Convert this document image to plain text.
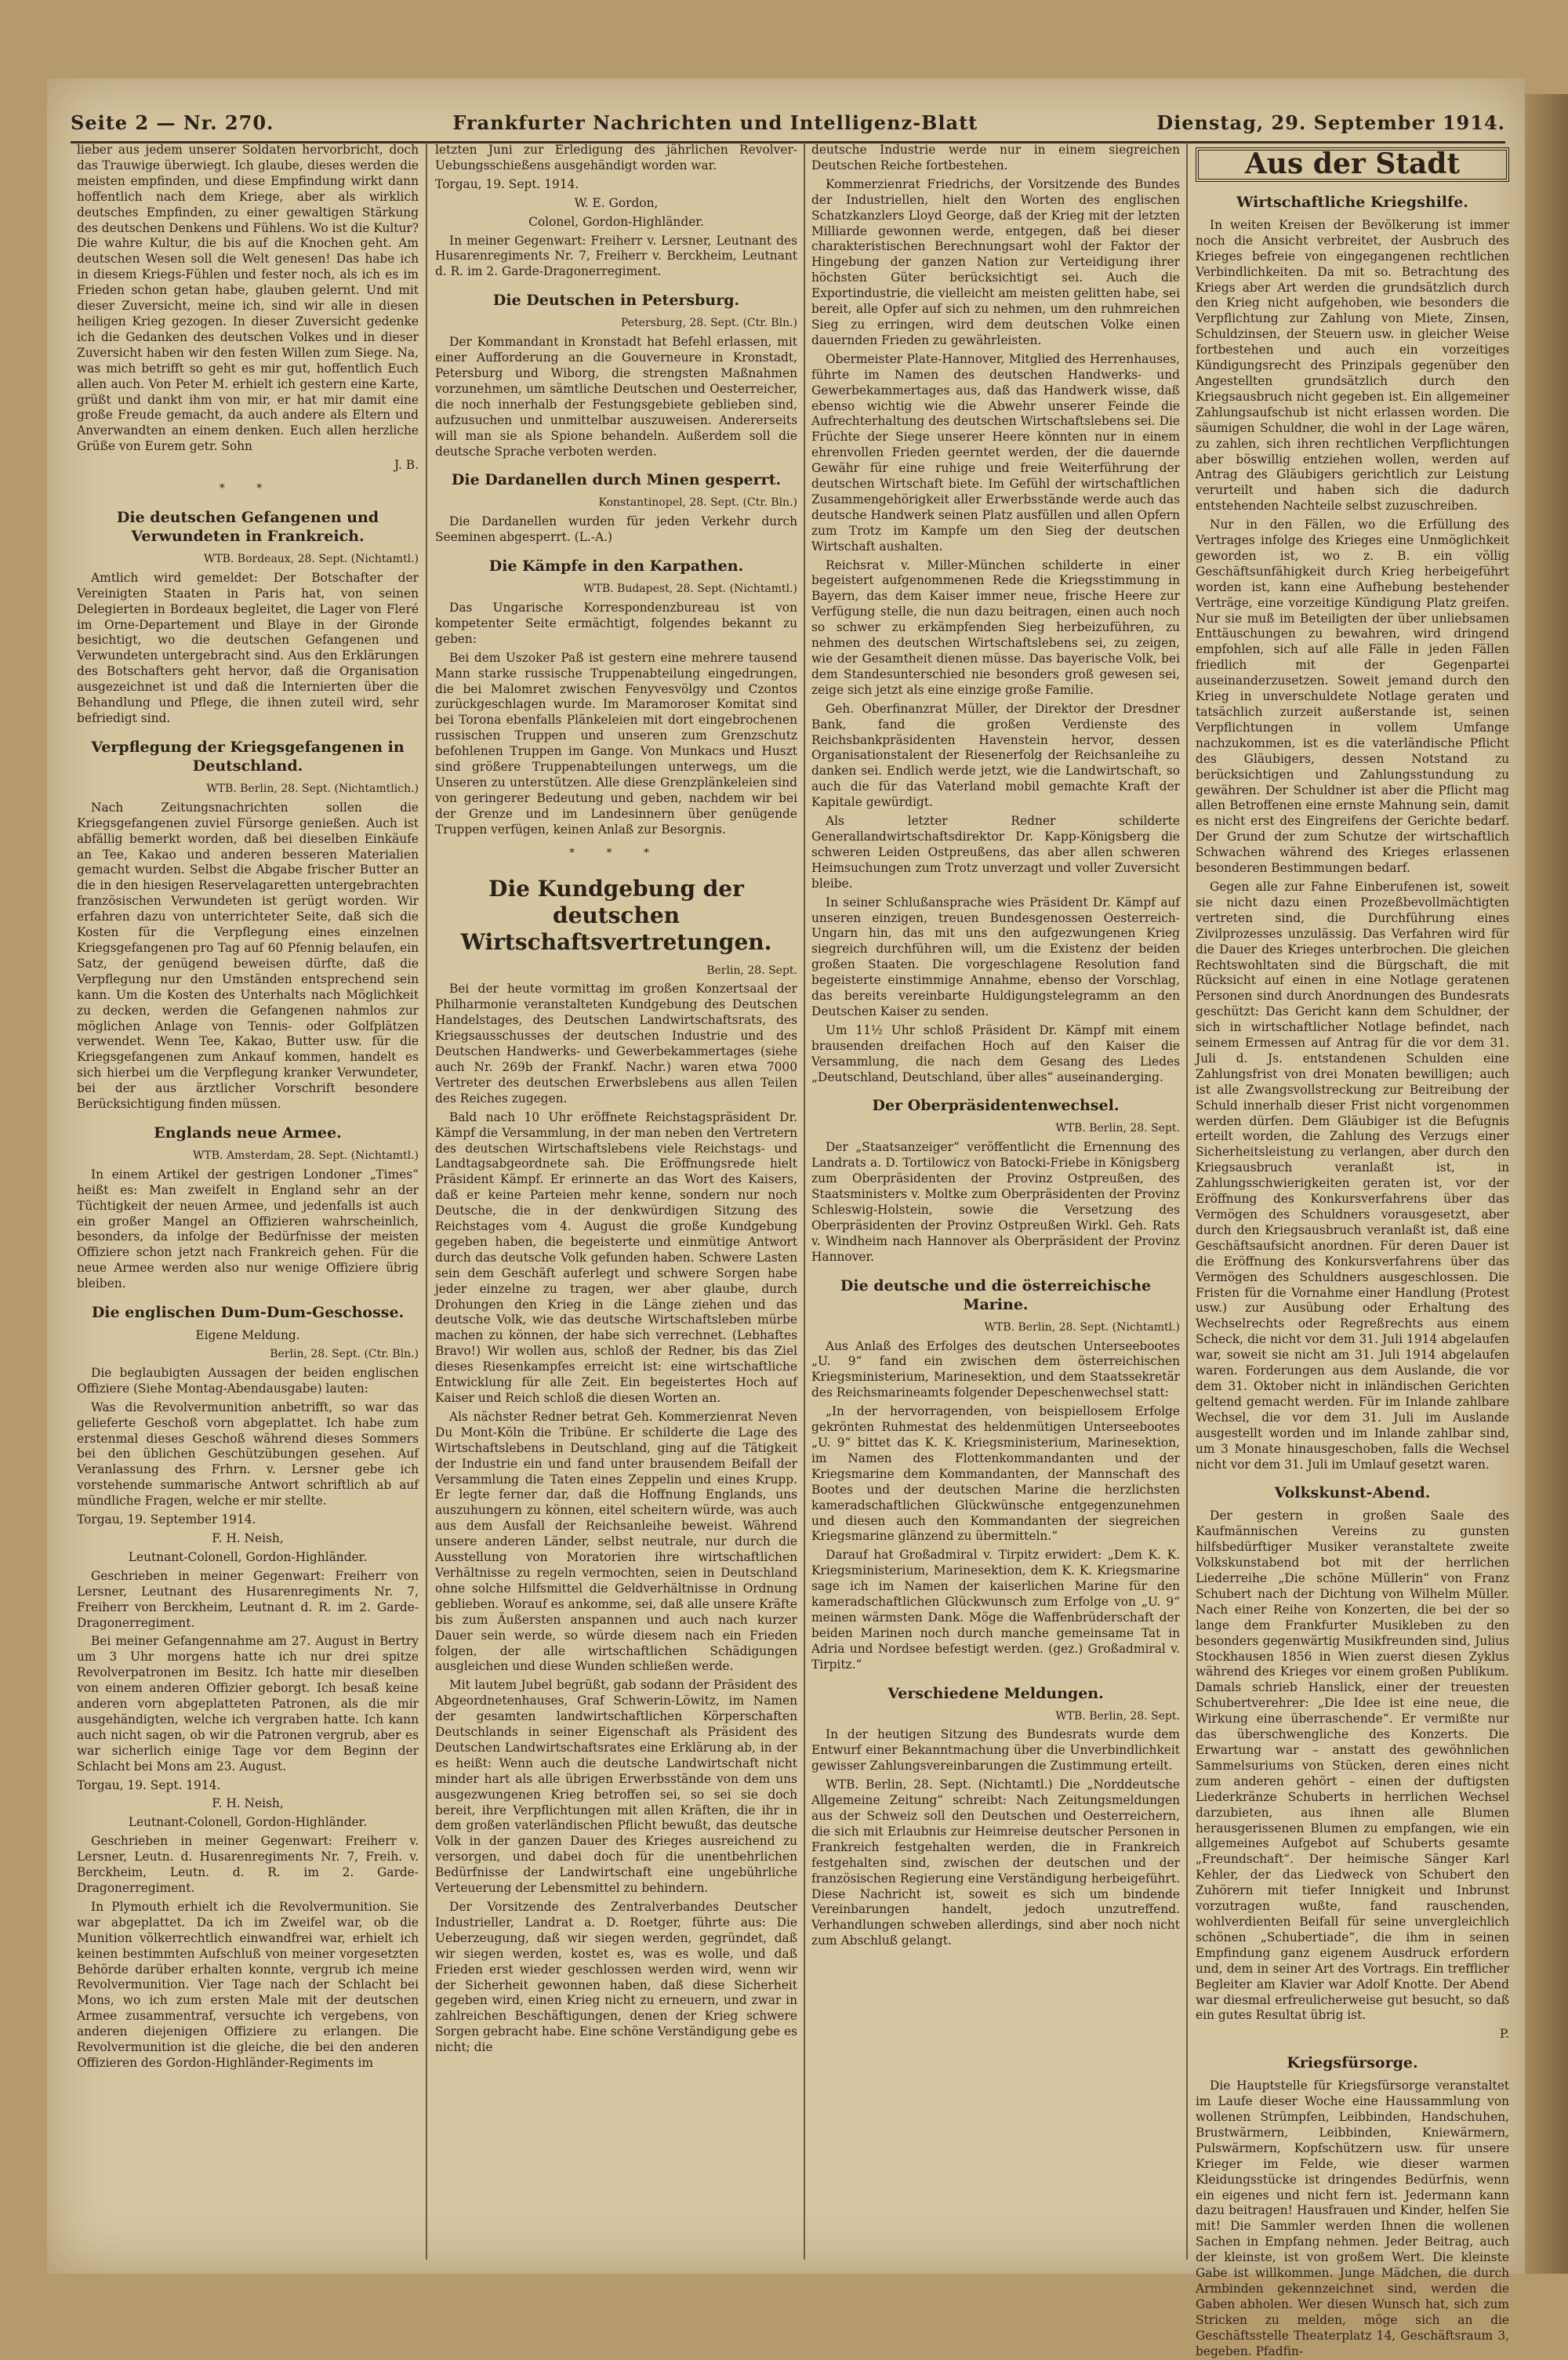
Seite 2 — Nr. 270.	Frankfurter Nachrichten und Intelligenz-Blatt	Dienstag, 29. September 1914.

lieber aus jedem unserer Soldaten hervorbricht, doch das Trauwige überwiegt. Ich glaube, dieses werden die meisten empfinden, und diese Empfindung wirkt dann hoffentlich nach dem Kriege, aber als wirklich deutsches Empfinden, zu einer gewaltigen Stärkung des deutschen Denkens und Fühlens. Wo ist die Kultur? Die wahre Kultur, die bis auf die Knochen geht. Am deutschen Wesen soll die Welt genesen! Das habe ich in diesem Kriegs-Fühlen und fester noch, als ich es im Frieden schon getan habe, glauben gelernt. Und mit dieser Zuversicht, meine ich, sind wir alle in diesen heiligen Krieg gezogen. In dieser Zuversicht gedenke ich die Gedanken des deutschen Volkes und in dieser Zuversicht haben wir den festen Willen zum Siege. Na, was mich betrifft so geht es mir gut, hoffentlich Euch allen auch. Von Peter M. erhielt ich gestern eine Karte, grüßt und dankt ihm von mir, er hat mir damit eine große Freude gemacht, da auch andere als Eltern und Anverwandten an einem denken. Euch allen herzliche Grüße von Eurem getr. Sohn

J. B.

* *
Die deutschen Gefangenen und Verwundeten in Frankreich.

WTB. Bordeaux, 28. Sept. (Nichtamtl.)

Amtlich wird gemeldet: Der Botschafter der Vereinigten Staaten in Paris hat, von seinen Delegierten in Bordeaux begleitet, die Lager von Fleré im Orne-Departement und Blaye in der Gironde besichtigt, wo die deutschen Gefangenen und Verwundeten untergebracht sind. Aus den Erklärungen des Botschafters geht hervor, daß die Organisation ausgezeichnet ist und daß die Internierten über die Behandlung und Pflege, die ihnen zuteil wird, sehr befriedigt sind.

Verpflegung der Kriegsgefangenen in Deutschland.

WTB. Berlin, 28. Sept. (Nichtamtlich.)

Nach Zeitungsnachrichten sollen die Kriegsgefangenen zuviel Fürsorge genießen. Auch ist abfällig bemerkt worden, daß bei dieselben Einkäufe an Tee, Kakao und anderen besseren Materialien gemacht wurden. Selbst die Abgabe frischer Butter an die in den hiesigen Reservelagaretten untergebrachten französischen Verwundeten ist gerügt worden. Wir erfahren dazu von unterrichteter Seite, daß sich die Kosten für die Verpflegung eines einzelnen Kriegsgefangenen pro Tag auf 60 Pfennig belaufen, ein Satz, der genügend beweisen dürfte, daß die Verpflegung nur den Umständen entsprechend sein kann. Um die Kosten des Unterhalts nach Möglichkeit zu decken, werden die Gefangenen nahmlos zur möglichen Anlage von Tennis- oder Golfplätzen verwendet. Wenn Tee, Kakao, Butter usw. für die Kriegsgefangenen zum Ankauf kommen, handelt es sich hierbei um die Verpflegung kranker Verwundeter, bei der aus ärztlicher Vorschrift besondere Berücksichtigung finden müssen.

Englands neue Armee.

WTB. Amsterdam, 28. Sept. (Nichtamtl.)

In einem Artikel der gestrigen Londoner „Times“ heißt es: Man zweifelt in England sehr an der Tüchtigkeit der neuen Armee, und jedenfalls ist auch ein großer Mangel an Offizieren wahrscheinlich, besonders, da infolge der Bedürfnisse der meisten Offiziere schon jetzt nach Frankreich gehen. Für die neue Armee werden also nur wenige Offiziere übrig bleiben.

Die englischen Dum-Dum-Geschosse.

Eigene Meldung.

Berlin, 28. Sept. (Ctr. Bln.)

Die beglaubigten Aussagen der beiden englischen Offiziere (Siehe Montag-Abendausgabe) lauten:

Was die Revolvermunition anbetrifft, so war das gelieferte Geschoß vorn abgeplattet. Ich habe zum erstenmal dieses Geschoß während dieses Sommers bei den üblichen Geschützübungen gesehen. Auf Veranlassung des Frhrn. v. Lersner gebe ich vorstehende summarische Antwort schriftlich ab auf mündliche Fragen, welche er mir stellte.

Torgau, 19. September 1914.

F. H. Neish,

Leutnant-Colonell, Gordon-Highländer.

Geschrieben in meiner Gegenwart: Freiherr von Lersner, Leutnant des Husarenregiments Nr. 7, Freiherr von Berckheim, Leutnant d. R. im 2. Garde-Dragonerregiment.

Bei meiner Gefangennahme am 27. August in Bertry um 3 Uhr morgens hatte ich nur drei spitze Revolverpatronen im Besitz. Ich hatte mir dieselben von einem anderen Offizier geborgt. Ich besaß keine anderen vorn abgeplatteten Patronen, als die mir ausgehändigten, welche ich vergraben hatte. Ich kann auch nicht sagen, ob wir die Patronen vergrub, aber es war sicherlich einige Tage vor dem Beginn der Schlacht bei Mons am 23. August.

Torgau, 19. Sept. 1914.

F. H. Neish,

Leutnant-Colonell, Gordon-Highländer.

Geschrieben in meiner Gegenwart: Freiherr v. Lersner, Leutn. d. Husarenregiments Nr. 7, Freih. v. Berckheim, Leutn. d. R. im 2. Garde-Dragonerregiment.

In Plymouth erhielt ich die Revolvermunition. Sie war abgeplattet. Da ich im Zweifel war, ob die Munition völkerrechtlich einwandfrei war, erhielt ich keinen bestimmten Aufschluß von meiner vorgesetzten Behörde darüber erhalten konnte, vergrub ich meine Revolvermunition. Vier Tage nach der Schlacht bei Mons, wo ich zum ersten Male mit der deutschen Armee zusammentraf, versuchte ich vergebens, von anderen diejenigen Offiziere zu erlangen. Die Revolvermunition ist die gleiche, die bei den anderen Offizieren des Gordon-Highländer-Regiments im

letzten Juni zur Erledigung des jährlichen Revolver-Uebungsschießens ausgehändigt worden war.

Torgau, 19. Sept. 1914.

W. E. Gordon,

Colonel, Gordon-Highländer.

In meiner Gegenwart: Freiherr v. Lersner, Leutnant des Husarenregiments Nr. 7, Freiherr v. Berckheim, Leutnant d. R. im 2. Garde-Dragonerregiment.

Die Deutschen in Petersburg.

Petersburg, 28. Sept. (Ctr. Bln.)

Der Kommandant in Kronstadt hat Befehl erlassen, mit einer Aufforderung an die Gouverneure in Kronstadt, Petersburg und Wiborg, die strengsten Maßnahmen vorzunehmen, um sämtliche Deutschen und Oesterreicher, die noch innerhalb der Festungsgebiete geblieben sind, aufzusuchen und unmittelbar auszuweisen. Andererseits will man sie als Spione behandeln. Außerdem soll die deutsche Sprache verboten werden.

Die Dardanellen durch Minen gesperrt.

Konstantinopel, 28. Sept. (Ctr. Bln.)

Die Dardanellen wurden für jeden Verkehr durch Seeminen abgesperrt. (L.-A.)

Die Kämpfe in den Karpathen.

WTB. Budapest, 28. Sept. (Nichtamtl.)

Das Ungarische Korrespondenzbureau ist von kompetenter Seite ermächtigt, folgendes bekannt zu geben:

Bei dem Uszoker Paß ist gestern eine mehrere tausend Mann starke russische Truppenabteilung eingedrungen, die bei Malomret zwischen Fenyvesvölgy und Czontos zurückgeschlagen wurde. Im Maramoroser Komitat sind bei Torona ebenfalls Plänkeleien mit dort eingebrochenen russischen Truppen und unseren zum Grenzschutz befohlenen Truppen im Gange. Von Munkacs und Huszt sind größere Truppenabteilungen unterwegs, um die Unseren zu unterstützen. Alle diese Grenzplänkeleien sind von geringerer Bedeutung und geben, nachdem wir bei der Grenze und im Landesinnern über genügende Truppen verfügen, keinen Anlaß zur Besorgnis.

* * *
Die Kundgebung der deutschen Wirtschaftsvertretungen.

Berlin, 28. Sept.

Bei der heute vormittag im großen Konzertsaal der Philharmonie veranstalteten Kundgebung des Deutschen Handelstages, des Deutschen Landwirtschaftsrats, des Kriegsausschusses der deutschen Industrie und des Deutschen Handwerks- und Gewerbekammertages (siehe auch Nr. 269b der Frankf. Nachr.) waren etwa 7000 Vertreter des deutschen Erwerbslebens aus allen Teilen des Reiches zugegen.

Bald nach 10 Uhr eröffnete Reichstagspräsident Dr. Kämpf die Versammlung, in der man neben den Vertretern des deutschen Wirtschaftslebens viele Reichstags- und Landtagsabgeordnete sah. Die Eröffnungsrede hielt Präsident Kämpf. Er erinnerte an das Wort des Kaisers, daß er keine Parteien mehr kenne, sondern nur noch Deutsche, die in der denkwürdigen Sitzung des Reichstages vom 4. August die große Kundgebung gegeben haben, die begeisterte und einmütige Antwort durch das deutsche Volk gefunden haben. Schwere Lasten sein dem Geschäft auferlegt und schwere Sorgen habe jeder einzelne zu tragen, wer aber glaube, durch Drohungen den Krieg in die Länge ziehen und das deutsche Volk, wie das deutsche Wirtschaftsleben mürbe machen zu können, der habe sich verrechnet. (Lebhaftes Bravo!) Wir wollen aus, schloß der Redner, bis das Ziel dieses Riesenkampfes erreicht ist: eine wirtschaftliche Entwicklung für alle Zeit. Ein begeistertes Hoch auf Kaiser und Reich schloß die diesen Worten an.

Als nächster Redner betrat Geh. Kommerzienrat Neven Du Mont-Köln die Tribüne. Er schilderte die Lage des Wirtschaftslebens in Deutschland, ging auf die Tätigkeit der Industrie ein und fand unter brausendem Beifall der Versammlung die Taten eines Zeppelin und eines Krupp. Er legte ferner dar, daß die Hoffnung Englands, uns auszuhungern zu können, eitel scheitern würde, was auch aus dem Ausfall der Reichsanleihe beweist. Während unsere anderen Länder, selbst neutrale, nur durch die Ausstellung von Moratorien ihre wirtschaftlichen Verhältnisse zu regeln vermochten, seien in Deutschland ohne solche Hilfsmittel die Geldverhältnisse in Ordnung geblieben. Worauf es ankomme, sei, daß alle unsere Kräfte bis zum Äußersten anspannen und auch nach kurzer Dauer sein werde, so würde diesem nach ein Frieden folgen, der alle wirtschaftlichen Schädigungen ausgleichen und diese Wunden schließen werde.

Mit lautem Jubel begrüßt, gab sodann der Präsident des Abgeordnetenhauses, Graf Schwerin-Löwitz, im Namen der gesamten landwirtschaftlichen Körperschaften Deutschlands in seiner Eigenschaft als Präsident des Deutschen Landwirtschaftsrates eine Erklärung ab, in der es heißt: Wenn auch die deutsche Landwirtschaft nicht minder hart als alle übrigen Erwerbsstände von dem uns ausgezwungenen Krieg betroffen sei, so sei sie doch bereit, ihre Verpflichtungen mit allen Kräften, die ihr in dem großen vaterländischen Pflicht bewußt, das deutsche Volk in der ganzen Dauer des Krieges ausreichend zu versorgen, und dabei doch für die unentbehrlichen Bedürfnisse der Landwirtschaft eine ungebührliche Verteuerung der Lebensmittel zu behindern.

Der Vorsitzende des Zentralverbandes Deutscher Industrieller, Landrat a. D. Roetger, führte aus: Die Ueberzeugung, daß wir siegen werden, gegründet, daß wir siegen werden, kostet es, was es wolle, und daß Frieden erst wieder geschlossen werden wird, wenn wir der Sicherheit gewonnen haben, daß diese Sicherheit gegeben wird, einen Krieg nicht zu erneuern, und zwar in zahlreichen Beschäftigungen, denen der Krieg schwere Sorgen gebracht habe. Eine schöne Verständigung gebe es nicht; die

deutsche Industrie werde nur in einem siegreichen Deutschen Reiche fortbestehen.

Kommerzienrat Friedrichs, der Vorsitzende des Bundes der Industriellen, hielt den Worten des englischen Schatzkanzlers Lloyd George, daß der Krieg mit der letzten Milliarde gewonnen werde, entgegen, daß bei dieser charakteristischen Berechnungsart wohl der Faktor der Hingebung der ganzen Nation zur Verteidigung ihrer höchsten Güter berücksichtigt sei. Auch die Exportindustrie, die vielleicht am meisten gelitten habe, sei bereit, alle Opfer auf sich zu nehmen, um den ruhmreichen Sieg zu erringen, wird dem deutschen Volke einen dauernden Frieden zu gewährleisten.

Obermeister Plate-Hannover, Mitglied des Herrenhauses, führte im Namen des deutschen Handwerks- und Gewerbekammertages aus, daß das Handwerk wisse, daß ebenso wichtig wie die Abwehr unserer Feinde die Aufrechterhaltung des deutschen Wirtschaftslebens sei. Die Früchte der Siege unserer Heere könnten nur in einem ehrenvollen Frieden geerntet werden, der die dauernde Gewähr für eine ruhige und freie Weiterführung der deutschen Wirtschaft biete. Im Gefühl der wirtschaftlichen Zusammengehörigkeit aller Erwerbsstände werde auch das deutsche Handwerk seinen Platz ausfüllen und allen Opfern zum Trotz im Kampfe um den Sieg der deutschen Wirtschaft aushalten.

Reichsrat v. Miller-München schilderte in einer begeistert aufgenommenen Rede die Kriegsstimmung in Bayern, das dem Kaiser immer neue, frische Heere zur Verfügung stelle, die nun dazu beitragen, einen auch noch so schwer zu erkämpfenden Sieg herbeizuführen, zu nehmen des deutschen Wirtschaftslebens sei, zu zeigen, wie der Gesamtheit dienen müsse. Das bayerische Volk, bei dem Standesunterschied nie besonders groß gewesen sei, zeige sich jetzt als eine einzige große Familie.

Geh. Oberfinanzrat Müller, der Direktor der Dresdner Bank, fand die großen Verdienste des Reichsbankpräsidenten Havenstein hervor, dessen Organisationstalent der Riesenerfolg der Reichsanleihe zu danken sei. Endlich werde jetzt, wie die Landwirtschaft, so auch die für das Vaterland mobil gemachte Kraft der Kapitale gewürdigt.

Als letzter Redner schilderte Generallandwirtschaftsdirektor Dr. Kapp-Königsberg die schweren Leiden Ostpreußens, das aber allen schweren Heimsuchungen zum Trotz unverzagt und voller Zuversicht bleibe.

In seiner Schlußansprache wies Präsident Dr. Kämpf auf unseren einzigen, treuen Bundesgenossen Oesterreich-Ungarn hin, das mit uns den aufgezwungenen Krieg siegreich durchführen will, um die Existenz der beiden großen Staaten. Die vorgeschlagene Resolution fand begeisterte einstimmige Annahme, ebenso der Vorschlag, das bereits vereinbarte Huldigungstelegramm an den Deutschen Kaiser zu senden.

Um 11½ Uhr schloß Präsident Dr. Kämpf mit einem brausenden dreifachen Hoch auf den Kaiser die Versammlung, die nach dem Gesang des Liedes „Deutschland, Deutschland, über alles“ auseinanderging.

Der Oberpräsidentenwechsel.

WTB. Berlin, 28. Sept.

Der „Staatsanzeiger“ veröffentlicht die Ernennung des Landrats a. D. Tortilowicz von Batocki-Friebe in Königsberg zum Oberpräsidenten der Provinz Ostpreußen, des Staatsministers v. Moltke zum Oberpräsidenten der Provinz Schleswig-Holstein, sowie die Versetzung des Oberpräsidenten der Provinz Ostpreußen Wirkl. Geh. Rats v. Windheim nach Hannover als Oberpräsident der Provinz Hannover.

Die deutsche und die österreichische Marine.

WTB. Berlin, 28. Sept. (Nichtamtl.)

Aus Anlaß des Erfolges des deutschen Unterseebootes „U. 9“ fand ein zwischen dem österreichischen Kriegsministerium, Marinesektion, und dem Staatssekretär des Reichsmarineamts folgender Depeschenwechsel statt:

„In der hervorragenden, von beispiellosem Erfolge gekrönten Ruhmestat des heldenmütigen Unterseebootes „U. 9“ bittet das K. K. Kriegsministerium, Marinesektion, im Namen des Flottenkommandanten und der Kriegsmarine dem Kommandanten, der Mannschaft des Bootes und der deutschen Marine die herzlichsten kameradschaftlichen Glückwünsche entgegenzunehmen und diesen auch den Kommandanten der siegreichen Kriegsmarine glänzend zu übermitteln.“

Darauf hat Großadmiral v. Tirpitz erwidert: „Dem K. K. Kriegsministerium, Marinesektion, dem K. K. Kriegsmarine sage ich im Namen der kaiserlichen Marine für den kameradschaftlichen Glückwunsch zum Erfolge von „U. 9“ meinen wärmsten Dank. Möge die Waffenbrüderschaft der beiden Marinen noch durch manche gemeinsame Tat in Adria und Nordsee befestigt werden. (gez.) Großadmiral v. Tirpitz.“

Verschiedene Meldungen.

WTB. Berlin, 28. Sept.

In der heutigen Sitzung des Bundesrats wurde dem Entwurf einer Bekanntmachung über die Unverbindlichkeit gewisser Zahlungsvereinbarungen die Zustimmung erteilt.

WTB. Berlin, 28. Sept. (Nichtamtl.) Die „Norddeutsche Allgemeine Zeitung“ schreibt: Nach Zeitungsmeldungen aus der Schweiz soll den Deutschen und Oesterreichern, die sich mit Erlaubnis zur Heimreise deutscher Personen in Frankreich festgehalten werden, die in Frankreich festgehalten sind, zwischen der deutschen und der französischen Regierung eine Verständigung herbeigeführt. Diese Nachricht ist, soweit es sich um bindende Vereinbarungen handelt, jedoch unzutreffend. Verhandlungen schweben allerdings, sind aber noch nicht zum Abschluß gelangt.

Aus der Stadt
Wirtschaftliche Kriegshilfe.

In weiten Kreisen der Bevölkerung ist immer noch die Ansicht verbreitet, der Ausbruch des Krieges befreie von eingegangenen rechtlichen Verbindlichkeiten. Da mit so. Betrachtung des Kriegs aber Art werden die grundsätzlich durch den Krieg nicht aufgehoben, wie besonders die Verpflichtung zur Zahlung von Miete, Zinsen, Schuldzinsen, der Steuern usw. in gleicher Weise fortbestehen und auch ein vorzeitiges Kündigungsrecht des Prinzipals gegenüber den Angestellten grundsätzlich durch den Kriegsausbruch nicht gegeben ist. Ein allgemeiner Zahlungsaufschub ist nicht erlassen worden. Die säumigen Schuldner, die wohl in der Lage wären, zu zahlen, sich ihren rechtlichen Verpflichtungen aber böswillig entziehen wollen, werden auf Antrag des Gläubigers gerichtlich zur Leistung verurteilt und haben sich die dadurch entstehenden Nachteile selbst zuzuschreiben.

Nur in den Fällen, wo die Erfüllung des Vertrages infolge des Krieges eine Unmöglichkeit geworden ist, wo z. B. ein völlig Geschäftsunfähigkeit durch Krieg herbeigeführt worden ist, kann eine Aufhebung bestehender Verträge, eine vorzeitige Kündigung Platz greifen. Nur sie muß im Beteiligten der über unliebsamen Enttäuschungen zu bewahren, wird dringend empfohlen, sich auf alle Fälle in jeden Fällen friedlich mit der Gegenpartei auseinanderzusetzen. Soweit jemand durch den Krieg in unverschuldete Notlage geraten und tatsächlich zurzeit außerstande ist, seinen Verpflichtungen in vollem Umfange nachzukommen, ist es die vaterländische Pflicht des Gläubigers, dessen Notstand zu berücksichtigen und Zahlungsstundung zu gewähren. Der Schuldner ist aber die Pflicht mag allen Betroffenen eine ernste Mahnung sein, damit es nicht erst des Eingreifens der Gerichte bedarf. Der Grund der zum Schutze der wirtschaftlich Schwachen während des Krieges erlassenen besonderen Bestimmungen bedarf.

Gegen alle zur Fahne Einberufenen ist, soweit sie nicht dazu einen Prozeßbevollmächtigten vertreten sind, die Durchführung eines Zivilprozesses unzulässig. Das Verfahren wird für die Dauer des Krieges unterbrochen. Die gleichen Rechtswohltaten sind die Bürgschaft, die mit Rücksicht auf einen in eine Notlage geratenen Personen sind durch Anordnungen des Bundesrats geschützt: Das Gericht kann dem Schuldner, der sich in wirtschaftlicher Notlage befindet, nach seinem Ermessen auf Antrag für die vor dem 31. Juli d. Js. entstandenen Schulden eine Zahlungsfrist von drei Monaten bewilligen; auch ist alle Zwangsvollstreckung zur Beitreibung der Schuld innerhalb dieser Frist nicht vorgenommen werden dürfen. Dem Gläubiger ist die Befugnis erteilt worden, die Zahlung des Verzugs einer Sicherheitsleistung zu verlangen, aber durch den Kriegsausbruch veranlaßt ist, in Zahlungsschwierigkeiten geraten ist, vor der Eröffnung des Konkursverfahrens über das Vermögen des Schuldners vorausgesetzt, aber durch den Kriegsausbruch veranlaßt ist, daß eine Geschäftsaufsicht anordnen. Für deren Dauer ist die Eröffnung des Konkursverfahrens über das Vermögen des Schuldners ausgeschlossen. Die Fristen für die Vornahme einer Handlung (Protest usw.) zur Ausübung oder Erhaltung des Wechselrechts oder Regreßrechts aus einem Scheck, die nicht vor dem 31. Juli 1914 abgelaufen war, soweit sie nicht am 31. Juli 1914 abgelaufen waren. Forderungen aus dem Auslande, die vor dem 31. Oktober nicht in inländischen Gerichten geltend gemacht werden. Für im Inlande zahlbare Wechsel, die vor dem 31. Juli im Auslande ausgestellt worden und im Inlande zahlbar sind, um 3 Monate hinausgeschoben, falls die Wechsel nicht vor dem 31. Juli im Umlauf gesetzt waren.

Volkskunst-Abend.

Der gestern in großen Saale des Kaufmännischen Vereins zu gunsten hilfsbedürftiger Musiker veranstaltete zweite Volkskunstabend bot mit der herrlichen Liederreihe „Die schöne Müllerin“ von Franz Schubert nach der Dichtung von Wilhelm Müller. Nach einer Reihe von Konzerten, die bei der so lange dem Frankfurter Musikleben zu den besonders gegenwärtig Musikfreunden sind, Julius Stockhausen 1856 in Wien zuerst diesen Zyklus während des Krieges vor einem großen Publikum. Damals schrieb Hanslick, einer der treuesten Schubertverehrer: „Die Idee ist eine neue, die Wirkung eine überraschende“. Er vermißte nur das überschwengliche des Konzerts. Die Erwartung war – anstatt des gewöhnlichen Sammelsuriums von Stücken, deren eines nicht zum anderen gehört – einen der duftigsten Liederkränze Schuberts in herrlichen Wechsel darzubieten, aus ihnen alle Blumen herausgerissenen Blumen zu empfangen, wie ein allgemeines Aufgebot auf Schuberts gesamte „Freundschaft“. Der heimische Sänger Karl Kehler, der das Liedweck von Schubert den Zuhörern mit tiefer Innigkeit und Inbrunst vorzutragen wußte, fand rauschenden, wohlverdienten Beifall für seine unvergleichlich schönen „Schubertiade“, die ihm in seinen Empfindung ganz eigenem Ausdruck erfordern und, dem in seiner Art des Vortrags. Ein trefflicher Begleiter am Klavier war Adolf Knotte. Der Abend war diesmal erfreulicherweise gut besucht, so daß ein gutes Resultat übrig ist.

P.

Kriegsfürsorge.

Die Hauptstelle für Kriegsfürsorge veranstaltet im Laufe dieser Woche eine Haussammlung von wollenen Strümpfen, Leibbinden, Handschuhen, Brustwärmern, Leibbinden, Kniewärmern, Pulswärmern, Kopfschützern usw. für unsere Krieger im Felde, wie dieser warmen Kleidungsstücke ist dringendes Bedürfnis, wenn ein eigenes und nicht fern ist. Jedermann kann dazu beitragen! Hausfrauen und Kinder, helfen Sie mit! Die Sammler werden Ihnen die wollenen Sachen in Empfang nehmen. Jeder Beitrag, auch der kleinste, ist von großem Wert. Die kleinste Gabe ist willkommen. Junge Mädchen, die durch Armbinden gekennzeichnet sind, werden die Gaben abholen. Wer diesen Wunsch hat, sich zum Stricken zu melden, möge sich an die Geschäftsstelle Theaterplatz 14, Geschäftsraum 3, begeben. Pfadfin-
